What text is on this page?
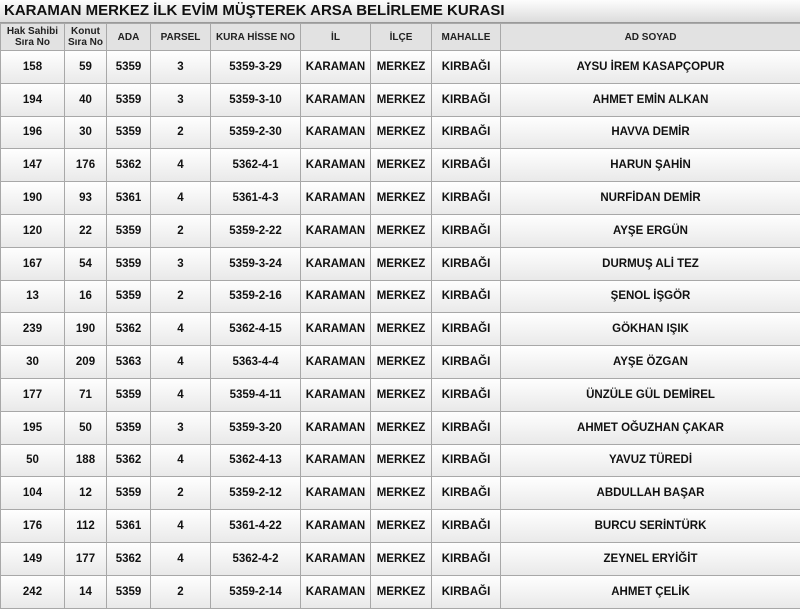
KARAMAN MERKEZ İLK EVİM MÜŞTEREK ARSA BELİRLEME KURASI
Hak Sahibi Sıra No	Konut Sıra No	ADA	PARSEL	KURA HİSSE NO	İL	İLÇE	MAHALLE	AD SOYAD
158	59	5359	3	5359-3-29	KARAMAN	MERKEZ	KIRBAĞI	AYSU İREM KASAPÇOPUR
194	40	5359	3	5359-3-10	KARAMAN	MERKEZ	KIRBAĞI	AHMET EMİN ALKAN
196	30	5359	2	5359-2-30	KARAMAN	MERKEZ	KIRBAĞI	HAVVA DEMİR
147	176	5362	4	5362-4-1	KARAMAN	MERKEZ	KIRBAĞI	HARUN ŞAHİN
190	93	5361	4	5361-4-3	KARAMAN	MERKEZ	KIRBAĞI	NURFİDAN DEMİR
120	22	5359	2	5359-2-22	KARAMAN	MERKEZ	KIRBAĞI	AYŞE ERGÜN
167	54	5359	3	5359-3-24	KARAMAN	MERKEZ	KIRBAĞI	DURMUŞ ALİ TEZ
13	16	5359	2	5359-2-16	KARAMAN	MERKEZ	KIRBAĞI	ŞENOL İŞGÖR
239	190	5362	4	5362-4-15	KARAMAN	MERKEZ	KIRBAĞI	GÖKHAN IŞIK
30	209	5363	4	5363-4-4	KARAMAN	MERKEZ	KIRBAĞI	AYŞE ÖZGAN
177	71	5359	4	5359-4-11	KARAMAN	MERKEZ	KIRBAĞI	ÜNZÜLE GÜL DEMİREL
195	50	5359	3	5359-3-20	KARAMAN	MERKEZ	KIRBAĞI	AHMET OĞUZHAN ÇAKAR
50	188	5362	4	5362-4-13	KARAMAN	MERKEZ	KIRBAĞI	YAVUZ TÜREDİ
104	12	5359	2	5359-2-12	KARAMAN	MERKEZ	KIRBAĞI	ABDULLAH BAŞAR
176	112	5361	4	5361-4-22	KARAMAN	MERKEZ	KIRBAĞI	BURCU SERİNTÜRK
149	177	5362	4	5362-4-2	KARAMAN	MERKEZ	KIRBAĞI	ZEYNEL ERYİĞİT
242	14	5359	2	5359-2-14	KARAMAN	MERKEZ	KIRBAĞI	AHMET ÇELİK
